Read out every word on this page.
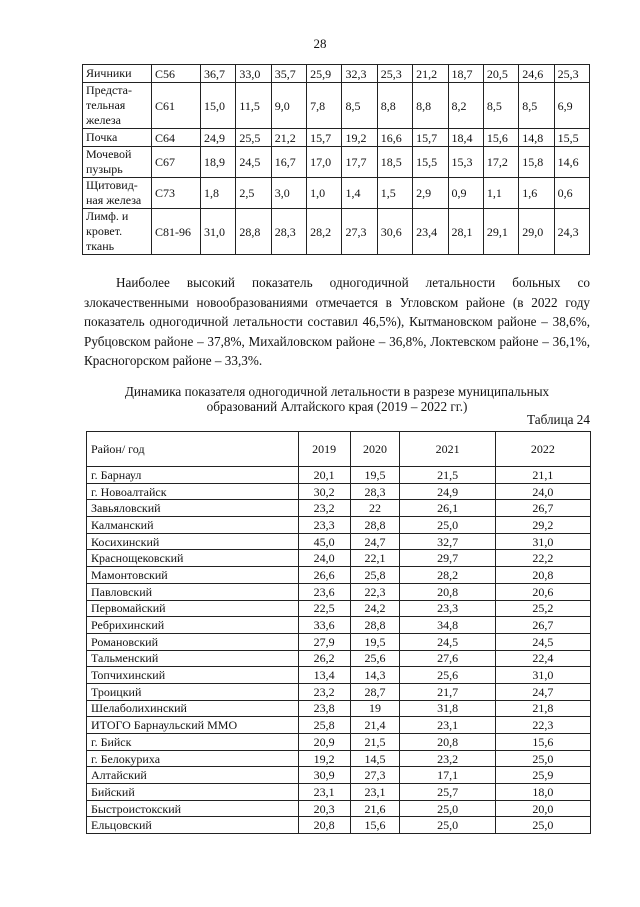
28
Яичники	C56	36,7	33,0	35,7	25,9	32,3	25,3	21,2	18,7	20,5	24,6	25,3
Предста-тельная железа	C61	15,0	11,5	9,0	7,8	8,5	8,8	8,8	8,2	8,5	8,5	6,9
Почка	C64	24,9	25,5	21,2	15,7	19,2	16,6	15,7	18,4	15,6	14,8	15,5
Мочевой пузырь	C67	18,9	24,5	16,7	17,0	17,7	18,5	15,5	15,3	17,2	15,8	14,6
Щитовид-ная железа	C73	1,8	2,5	3,0	1,0	1,4	1,5	2,9	0,9	1,1	1,6	0,6
Лимф. и кровет. ткань	C81-96	31,0	28,8	28,3	28,2	27,3	30,6	23,4	28,1	29,1	29,0	24,3

Наиболее высокий показатель одногодичной летальности больных со злокачественными новообразованиями отмечается в Угловском районе (в 2022 году показатель одногодичной летальности составил 46,5%), Кытмановском районе – 38,6%, Рубцовском районе – 37,8%, Михайловском районе – 36,8%, Локтевском районе – 36,1%, Красногорском районе – 33,3%.

Динамика показателя одногодичной летальности в разрезе муниципальных образований Алтайского края (2019 – 2022 гг.)
Таблица 24
Район/ год	2019	2020	2021	2022
г. Барнаул	20,1	19,5	21,5	21,1
г. Новоалтайск	30,2	28,3	24,9	24,0
Завьяловский	23,2	22	26,1	26,7
Калманский	23,3	28,8	25,0	29,2
Косихинский	45,0	24,7	32,7	31,0
Краснощековский	24,0	22,1	29,7	22,2
Мамонтовский	26,6	25,8	28,2	20,8
Павловский	23,6	22,3	20,8	20,6
Первомайский	22,5	24,2	23,3	25,2
Ребрихинский	33,6	28,8	34,8	26,7
Романовский	27,9	19,5	24,5	24,5
Тальменский	26,2	25,6	27,6	22,4
Топчихинский	13,4	14,3	25,6	31,0
Троицкий	23,2	28,7	21,7	24,7
Шелаболихинский	23,8	19	31,8	21,8
ИТОГО Барнаульский ММО	25,8	21,4	23,1	22,3
г. Бийск	20,9	21,5	20,8	15,6
г. Белокуриха	19,2	14,5	23,2	25,0
Алтайский	30,9	27,3	17,1	25,9
Бийский	23,1	23,1	25,7	18,0
Быстроистокский	20,3	21,6	25,0	20,0
Ельцовский	20,8	15,6	25,0	25,0
